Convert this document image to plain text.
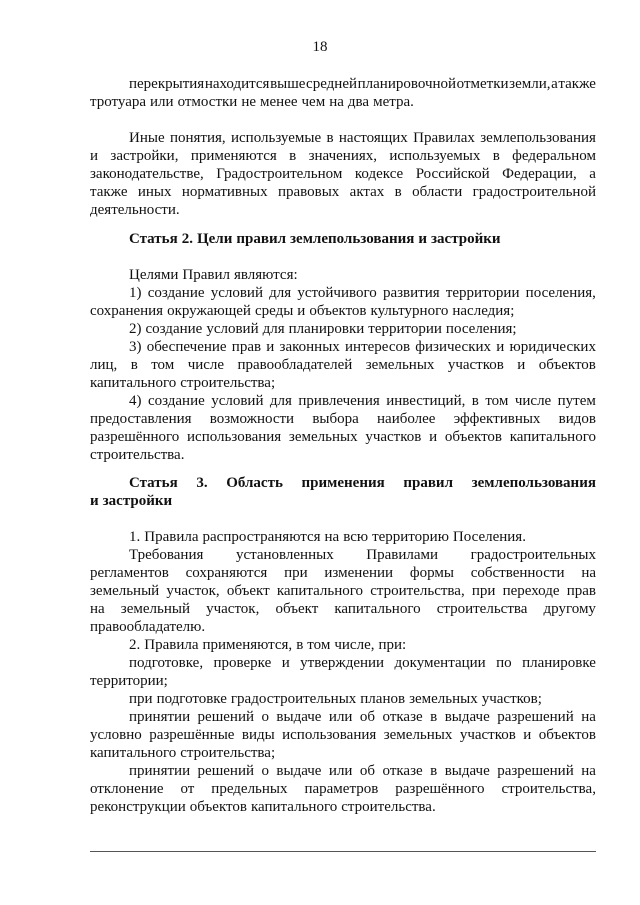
18
перекрытия находится выше средней планировочной отметки земли, а также
тротуара или отмостки не менее чем на два метра.
Иные понятия, используемые в настоящих Правилах землепользования
и застройки, применяются в значениях, используемых в федеральном
законодательстве, Градостроительном кодексе Российской Федерации, а
также иных нормативных правовых актах в области градостроительной
деятельности.
Статья 2. Цели правил землепользования и застройки
Целями Правил являются:
1) создание условий для устойчивого развития территории поселения,
сохранения окружающей среды и объектов культурного наследия;
2) создание условий для планировки территории поселения;
3) обеспечение прав и законных интересов физических и юридических
лиц, в том числе правообладателей земельных участков и объектов
капитального строительства;
4) создание условий для привлечения инвестиций, в том числе путем
предоставления возможности выбора наиболее эффективных видов
разрешённого использования земельных участков и объектов капитального
строительства.
Статья 3. Область применения правил землепользования
и застройки
1. Правила распространяются на всю территорию Поселения.
Требования установленных Правилами градостроительных
регламентов сохраняются при изменении формы собственности на
земельный участок, объект капитального строительства, при переходе прав
на земельный участок, объект капитального строительства другому
правообладателю.
2. Правила применяются, в том числе, при:
подготовке, проверке и утверждении документации по планировке
территории;
при подготовке градостроительных планов земельных участков;
принятии решений о выдаче или об отказе в выдаче разрешений на
условно разрешённые виды использования земельных участков и объектов
капитального строительства;
принятии решений о выдаче или об отказе в выдаче разрешений на
отклонение от предельных параметров разрешённого строительства,
реконструкции объектов капитального строительства.
